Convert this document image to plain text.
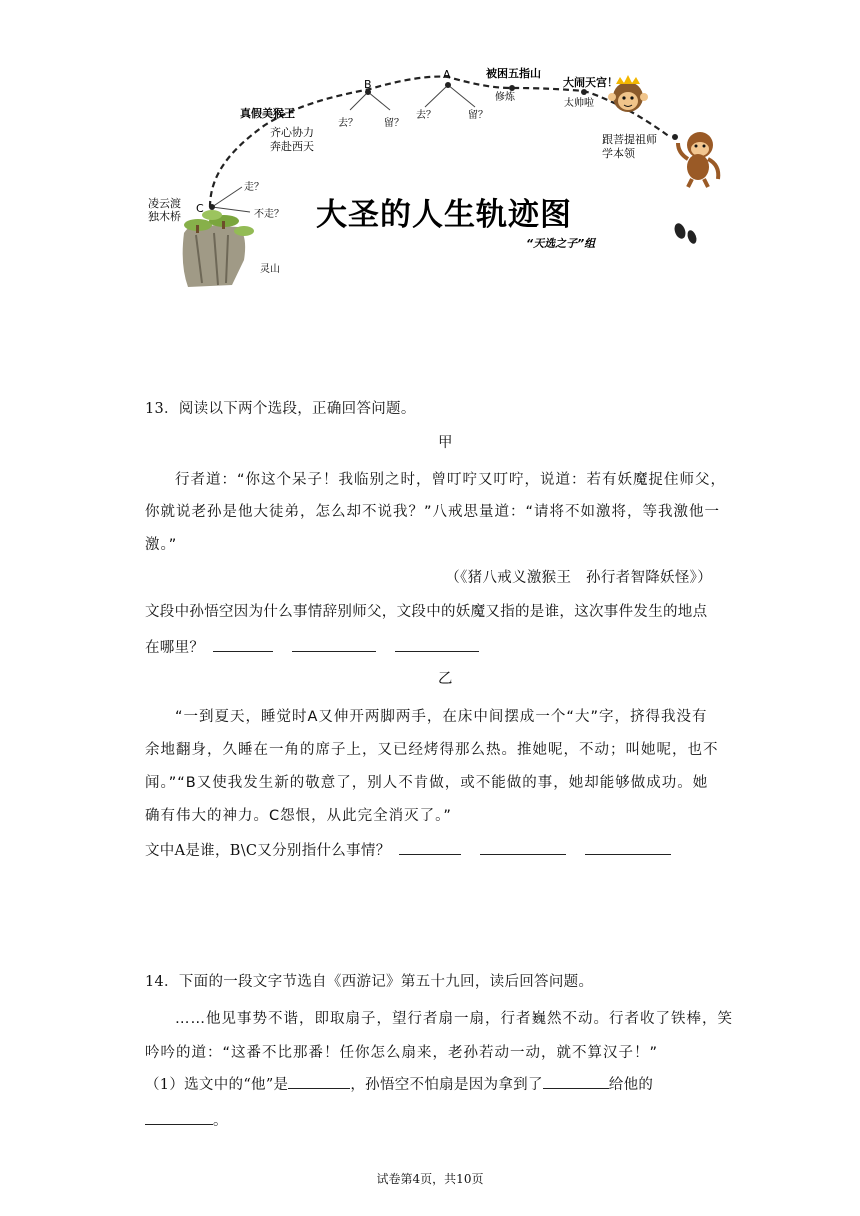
A
B
C
被困五指山
大闹天宫！
修炼
太帅啦
真假美猴王
齐心协力
奔赴西天
去？	留？
去？	留？
凌云渡
独木桥
走？
不走？
跟菩提祖师
学本领
灵山
大圣的人生轨迹图
“天选之子”组
13．阅读以下两个选段，正确回答问题。
甲
行者道：“你这个呆子！我临别之时，曾叮咛又叮咛，说道：若有妖魔捉住师父，
你就说老孙是他大徒弟，怎么却不说我？”八戒思量道：“请将不如激将，等我激他一
激。”
（《猪八戒义激猴王　孙行者智降妖怪》）
文段中孙悟空因为什么事情辞别师父，文段中的妖魔又指的是谁，这次事件发生的地点
在哪里？
乙
“一到夏天，睡觉时A又伸开两脚两手，在床中间摆成一个“大”字，挤得我没有
余地翻身，久睡在一角的席子上，又已经烤得那么热。推她呢，不动；叫她呢，也不
闻。”“B又使我发生新的敬意了，别人不肯做，或不能做的事，她却能够做成功。她
确有伟大的神力。C怨恨，从此完全消灭了。”
文中A是谁，B\C又分别指什么事情？
14．下面的一段文字节选自《西游记》第五十九回，读后回答问题。
……他见事势不谐，即取扇子，望行者扇一扇，行者巍然不动。行者收了铁棒，笑
吟吟的道：“这番不比那番！任你怎么扇来，老孙若动一动，就不算汉子！”
（1）选文中的“他”是	，孙悟空不怕扇是因为拿到了	给他的
。
试卷第4页，共10页
